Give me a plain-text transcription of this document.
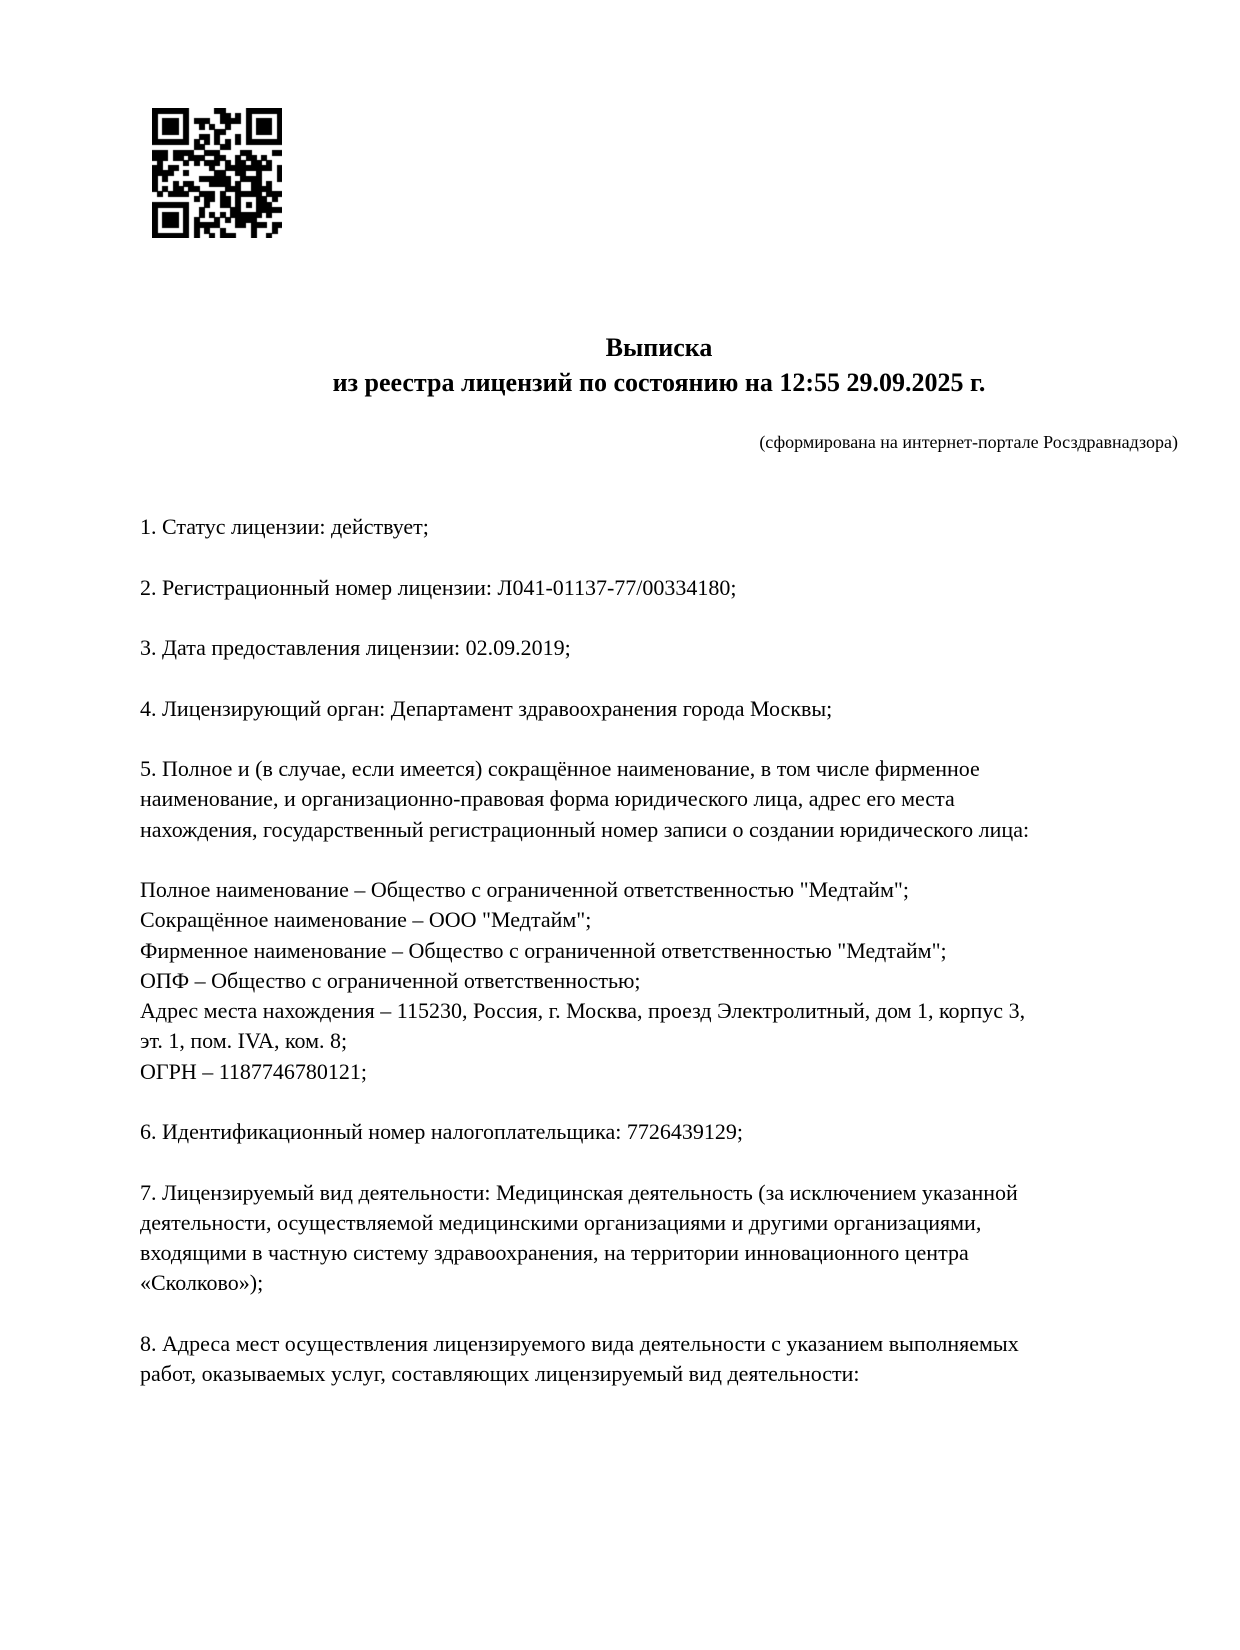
Выписка
из реестра лицензий по состоянию на 12:55 29.09.2025 г.
(сформирована на интернет-портале Росздравнадзора)

1. Статус лицензии: действует;

2. Регистрационный номер лицензии: Л041-01137-77/00334180;

3. Дата предоставления лицензии: 02.09.2019;

4. Лицензирующий орган: Департамент здравоохранения города Москвы;

5. Полное и (в случае, если имеется) сокращённое наименование, в том числе фирменное
наименование, и организационно-правовая форма юридического лица, адрес его места
нахождения, государственный регистрационный номер записи о создании юридического лица:

Полное наименование – Общество с ограниченной ответственностью "Медтайм";
Сокращённое наименование – ООО "Медтайм";
Фирменное наименование – Общество с ограниченной ответственностью "Медтайм";
ОПФ – Общество с ограниченной ответственностью;
Адрес места нахождения – 115230, Россия, г. Москва, проезд Электролитный, дом 1, корпус 3,
эт. 1, пом. IVA, ком. 8;
ОГРН – 1187746780121;

6. Идентификационный номер налогоплательщика: 7726439129;

7. Лицензируемый вид деятельности: Медицинская деятельность (за исключением указанной
деятельности, осуществляемой медицинскими организациями и другими организациями,
входящими в частную систему здравоохранения, на территории инновационного центра
«Сколково»);

8. Адреса мест осуществления лицензируемого вида деятельности с указанием выполняемых
работ, оказываемых услуг, составляющих лицензируемый вид деятельности:
